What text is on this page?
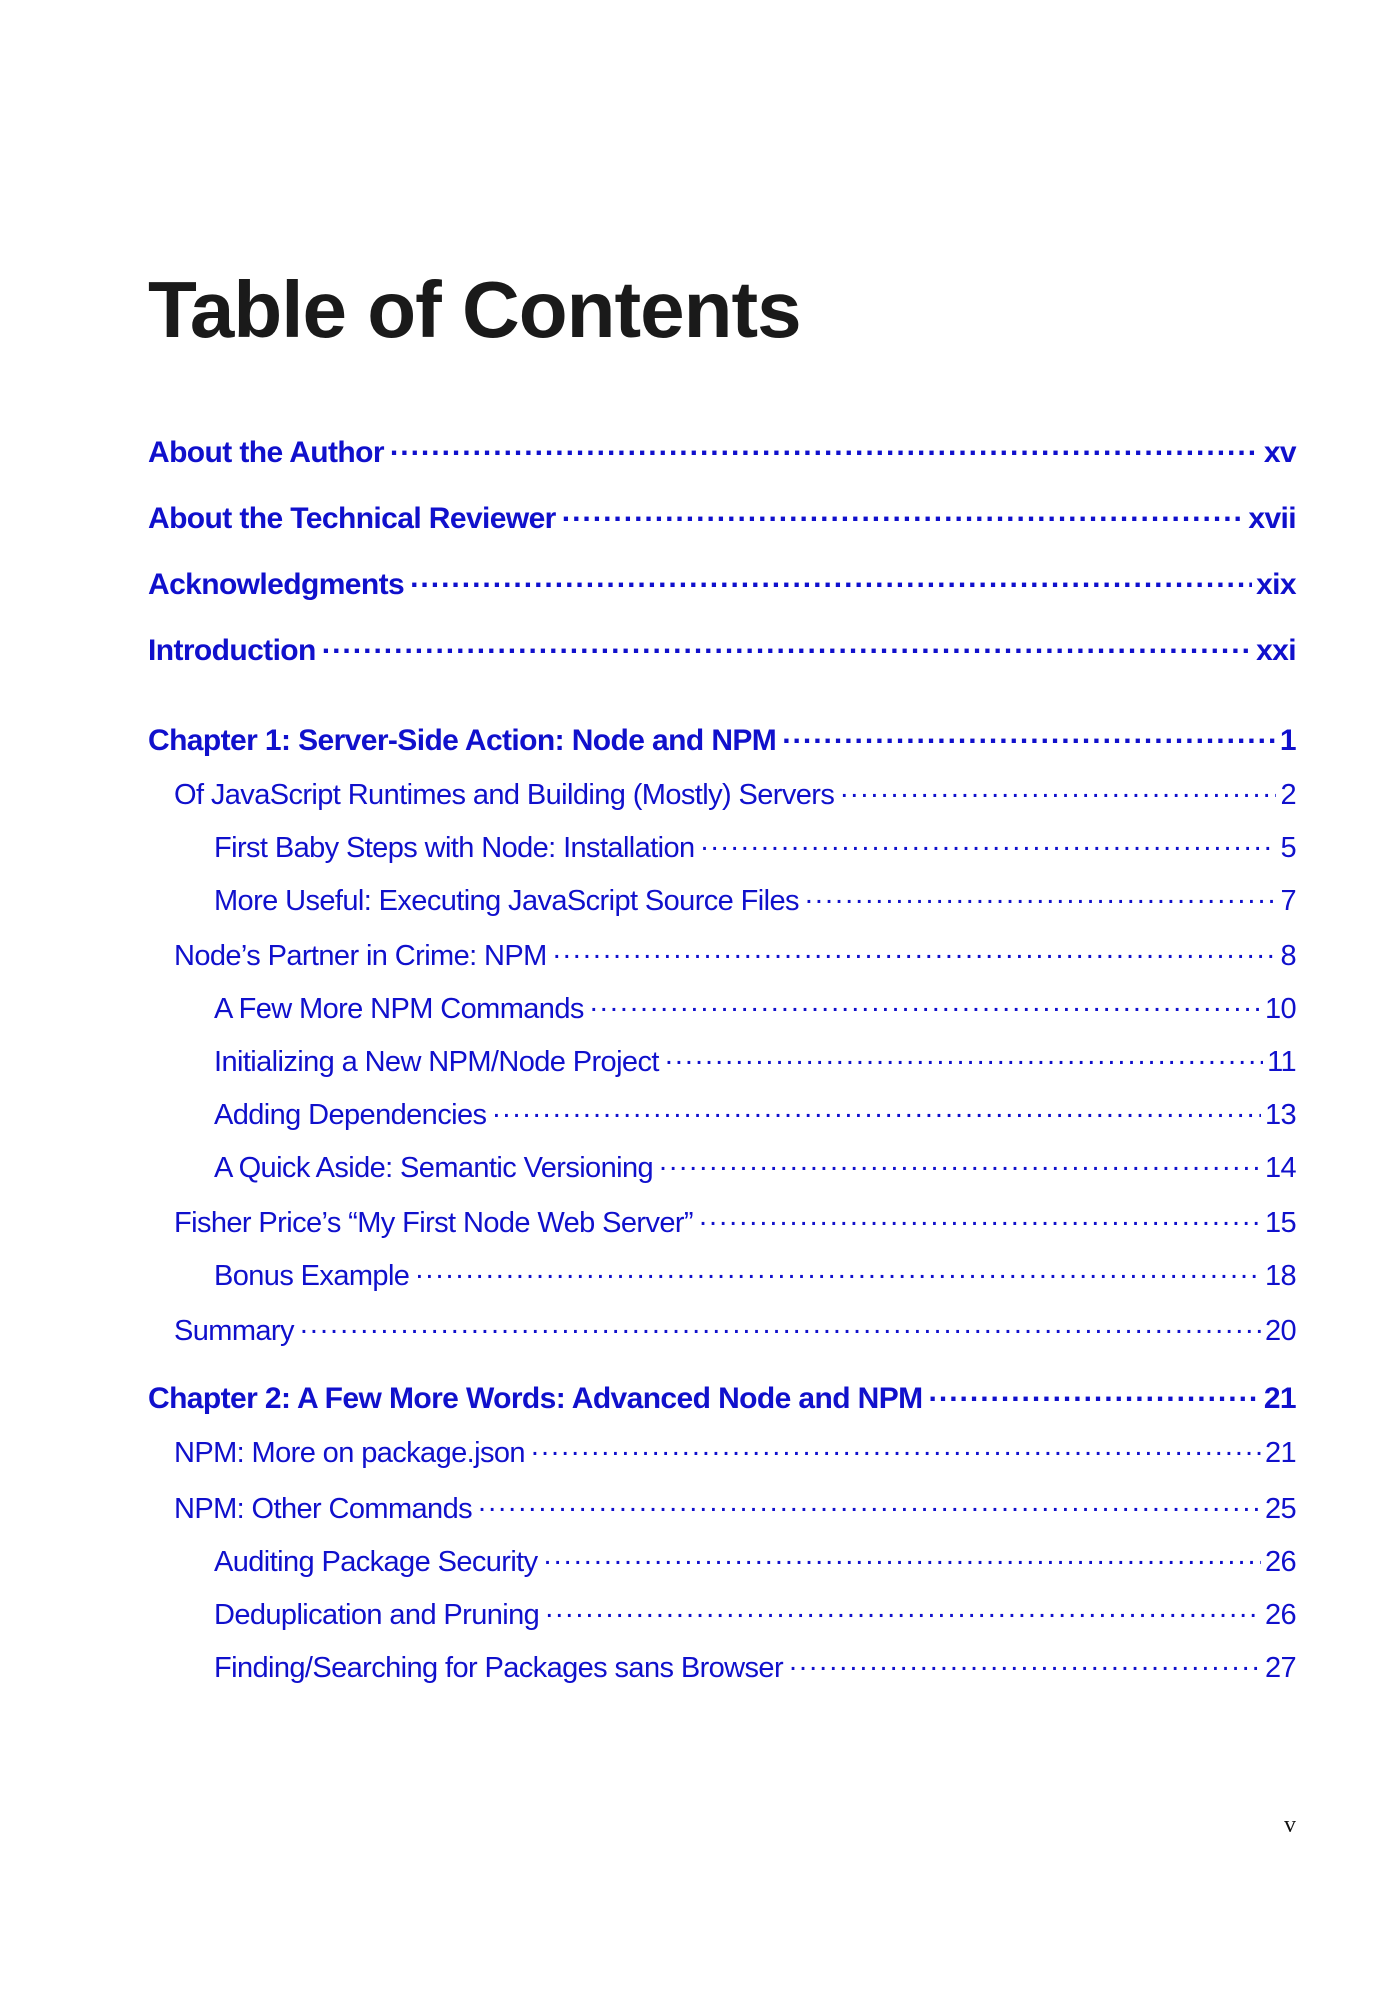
Table of Contents
About the Author .....	xv
About the Technical Reviewer .....	xvii
Acknowledgments .....	xix
Introduction .....	xxi
Chapter 1: Server-Side Action: Node and NPM .....	1
Of JavaScript Runtimes and Building (Mostly) Servers .....	2
First Baby Steps with Node: Installation .....	5
More Useful: Executing JavaScript Source Files .....	7
Node’s Partner in Crime: NPM .....	8
A Few More NPM Commands .....	10
Initializing a New NPM/Node Project .....	11
Adding Dependencies .....	13
A Quick Aside: Semantic Versioning .....	14
Fisher Price’s “My First Node Web Server” .....	15
Bonus Example .....	18
Summary .....	20
Chapter 2: A Few More Words: Advanced Node and NPM .....	21
NPM: More on package.json .....	21
NPM: Other Commands .....	25
Auditing Package Security .....	26
Deduplication and Pruning .....	26
Finding/Searching for Packages sans Browser .....	27
v
